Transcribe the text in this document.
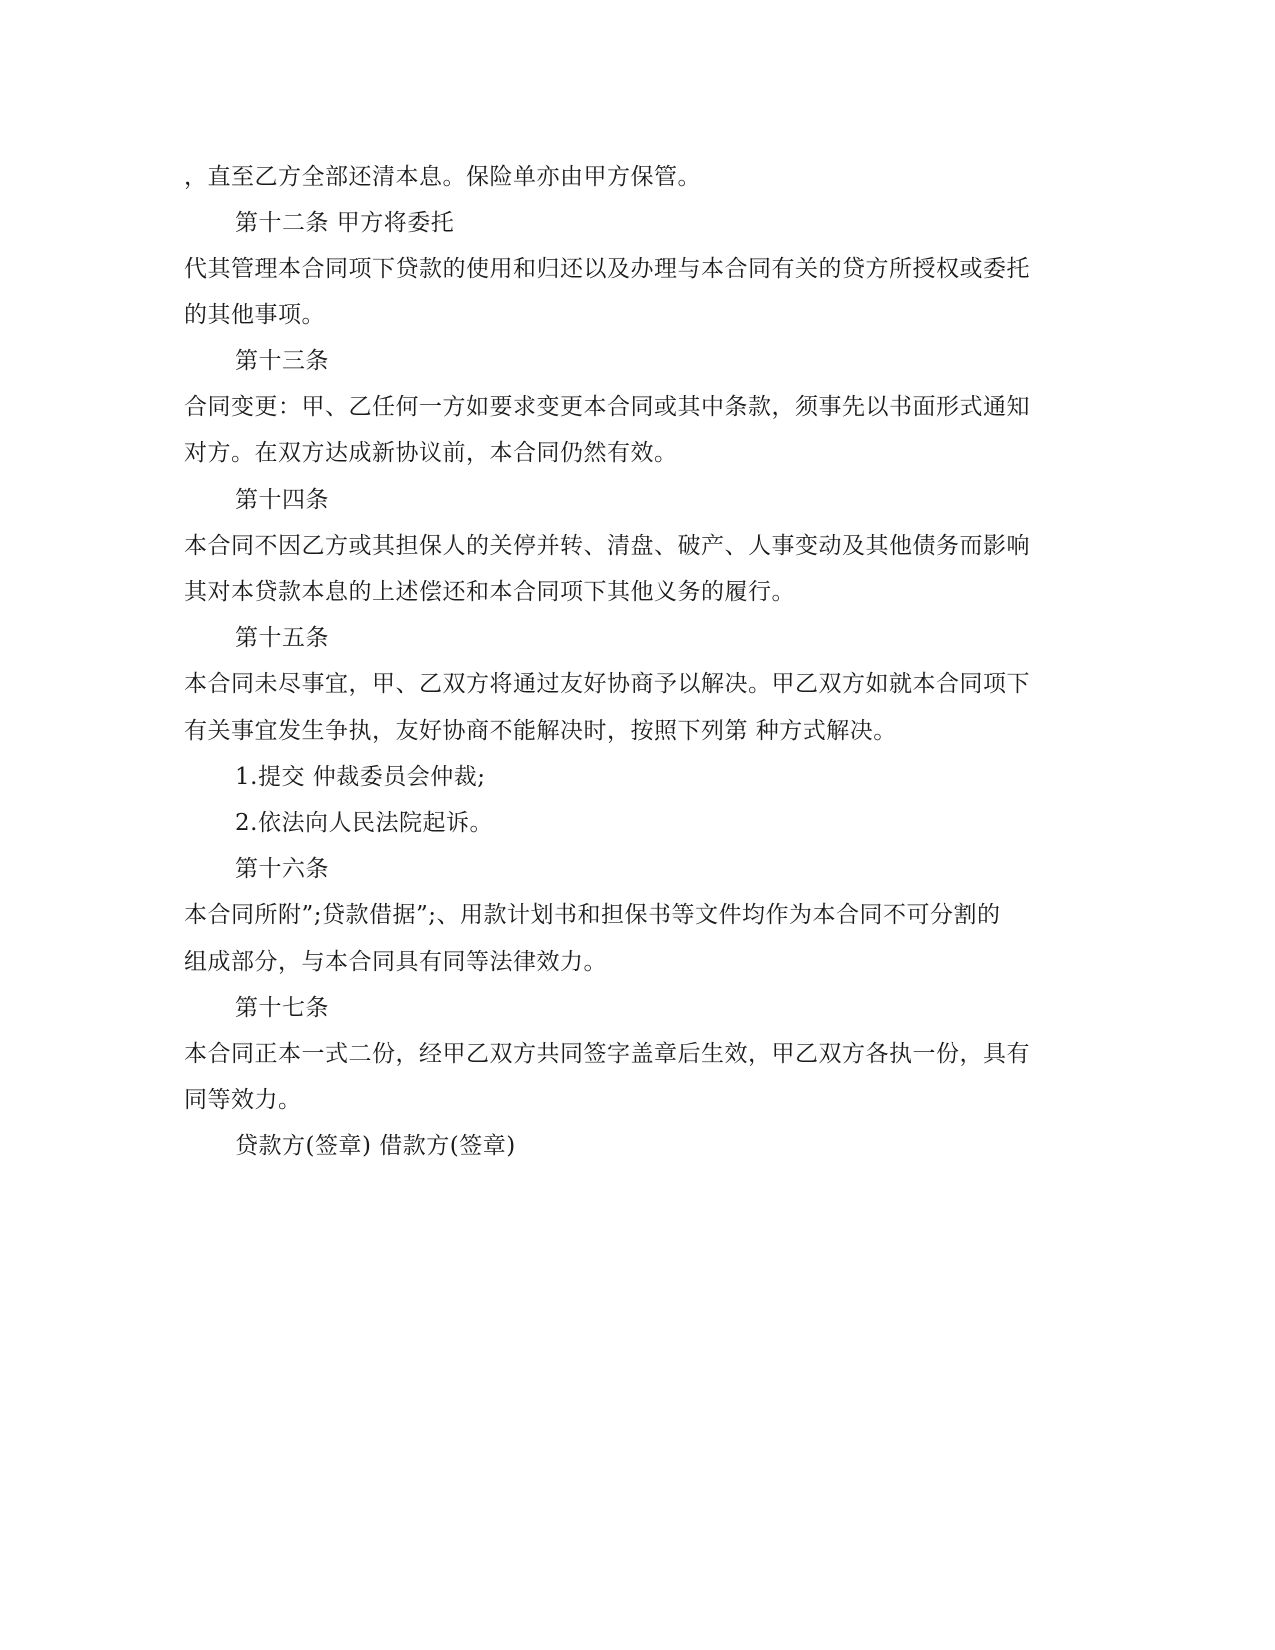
，直至乙方全部还清本息。保险单亦由甲方保管。
第十二条 甲方将委托
代其管理本合同项下贷款的使用和归还以及办理与本合同有关的贷方所授权或委托
的其他事项。
第十三条
合同变更：甲、乙任何一方如要求变更本合同或其中条款，须事先以书面形式通知
对方。在双方达成新协议前，本合同仍然有效。
第十四条
本合同不因乙方或其担保人的关停并转、清盘、破产、人事变动及其他债务而影响
其对本贷款本息的上述偿还和本合同项下其他义务的履行。
第十五条
本合同未尽事宜，甲、乙双方将通过友好协商予以解决。甲乙双方如就本合同项下
有关事宜发生争执，友好协商不能解决时，按照下列第 种方式解决。
1.提交 仲裁委员会仲裁;
2.依法向人民法院起诉。
第十六条
本合同所附”;贷款借据”;、用款计划书和担保书等文件均作为本合同不可分割的
组成部分，与本合同具有同等法律效力。
第十七条
本合同正本一式二份，经甲乙双方共同签字盖章后生效，甲乙双方各执一份，具有
同等效力。
贷款方(签章) 借款方(签章)
